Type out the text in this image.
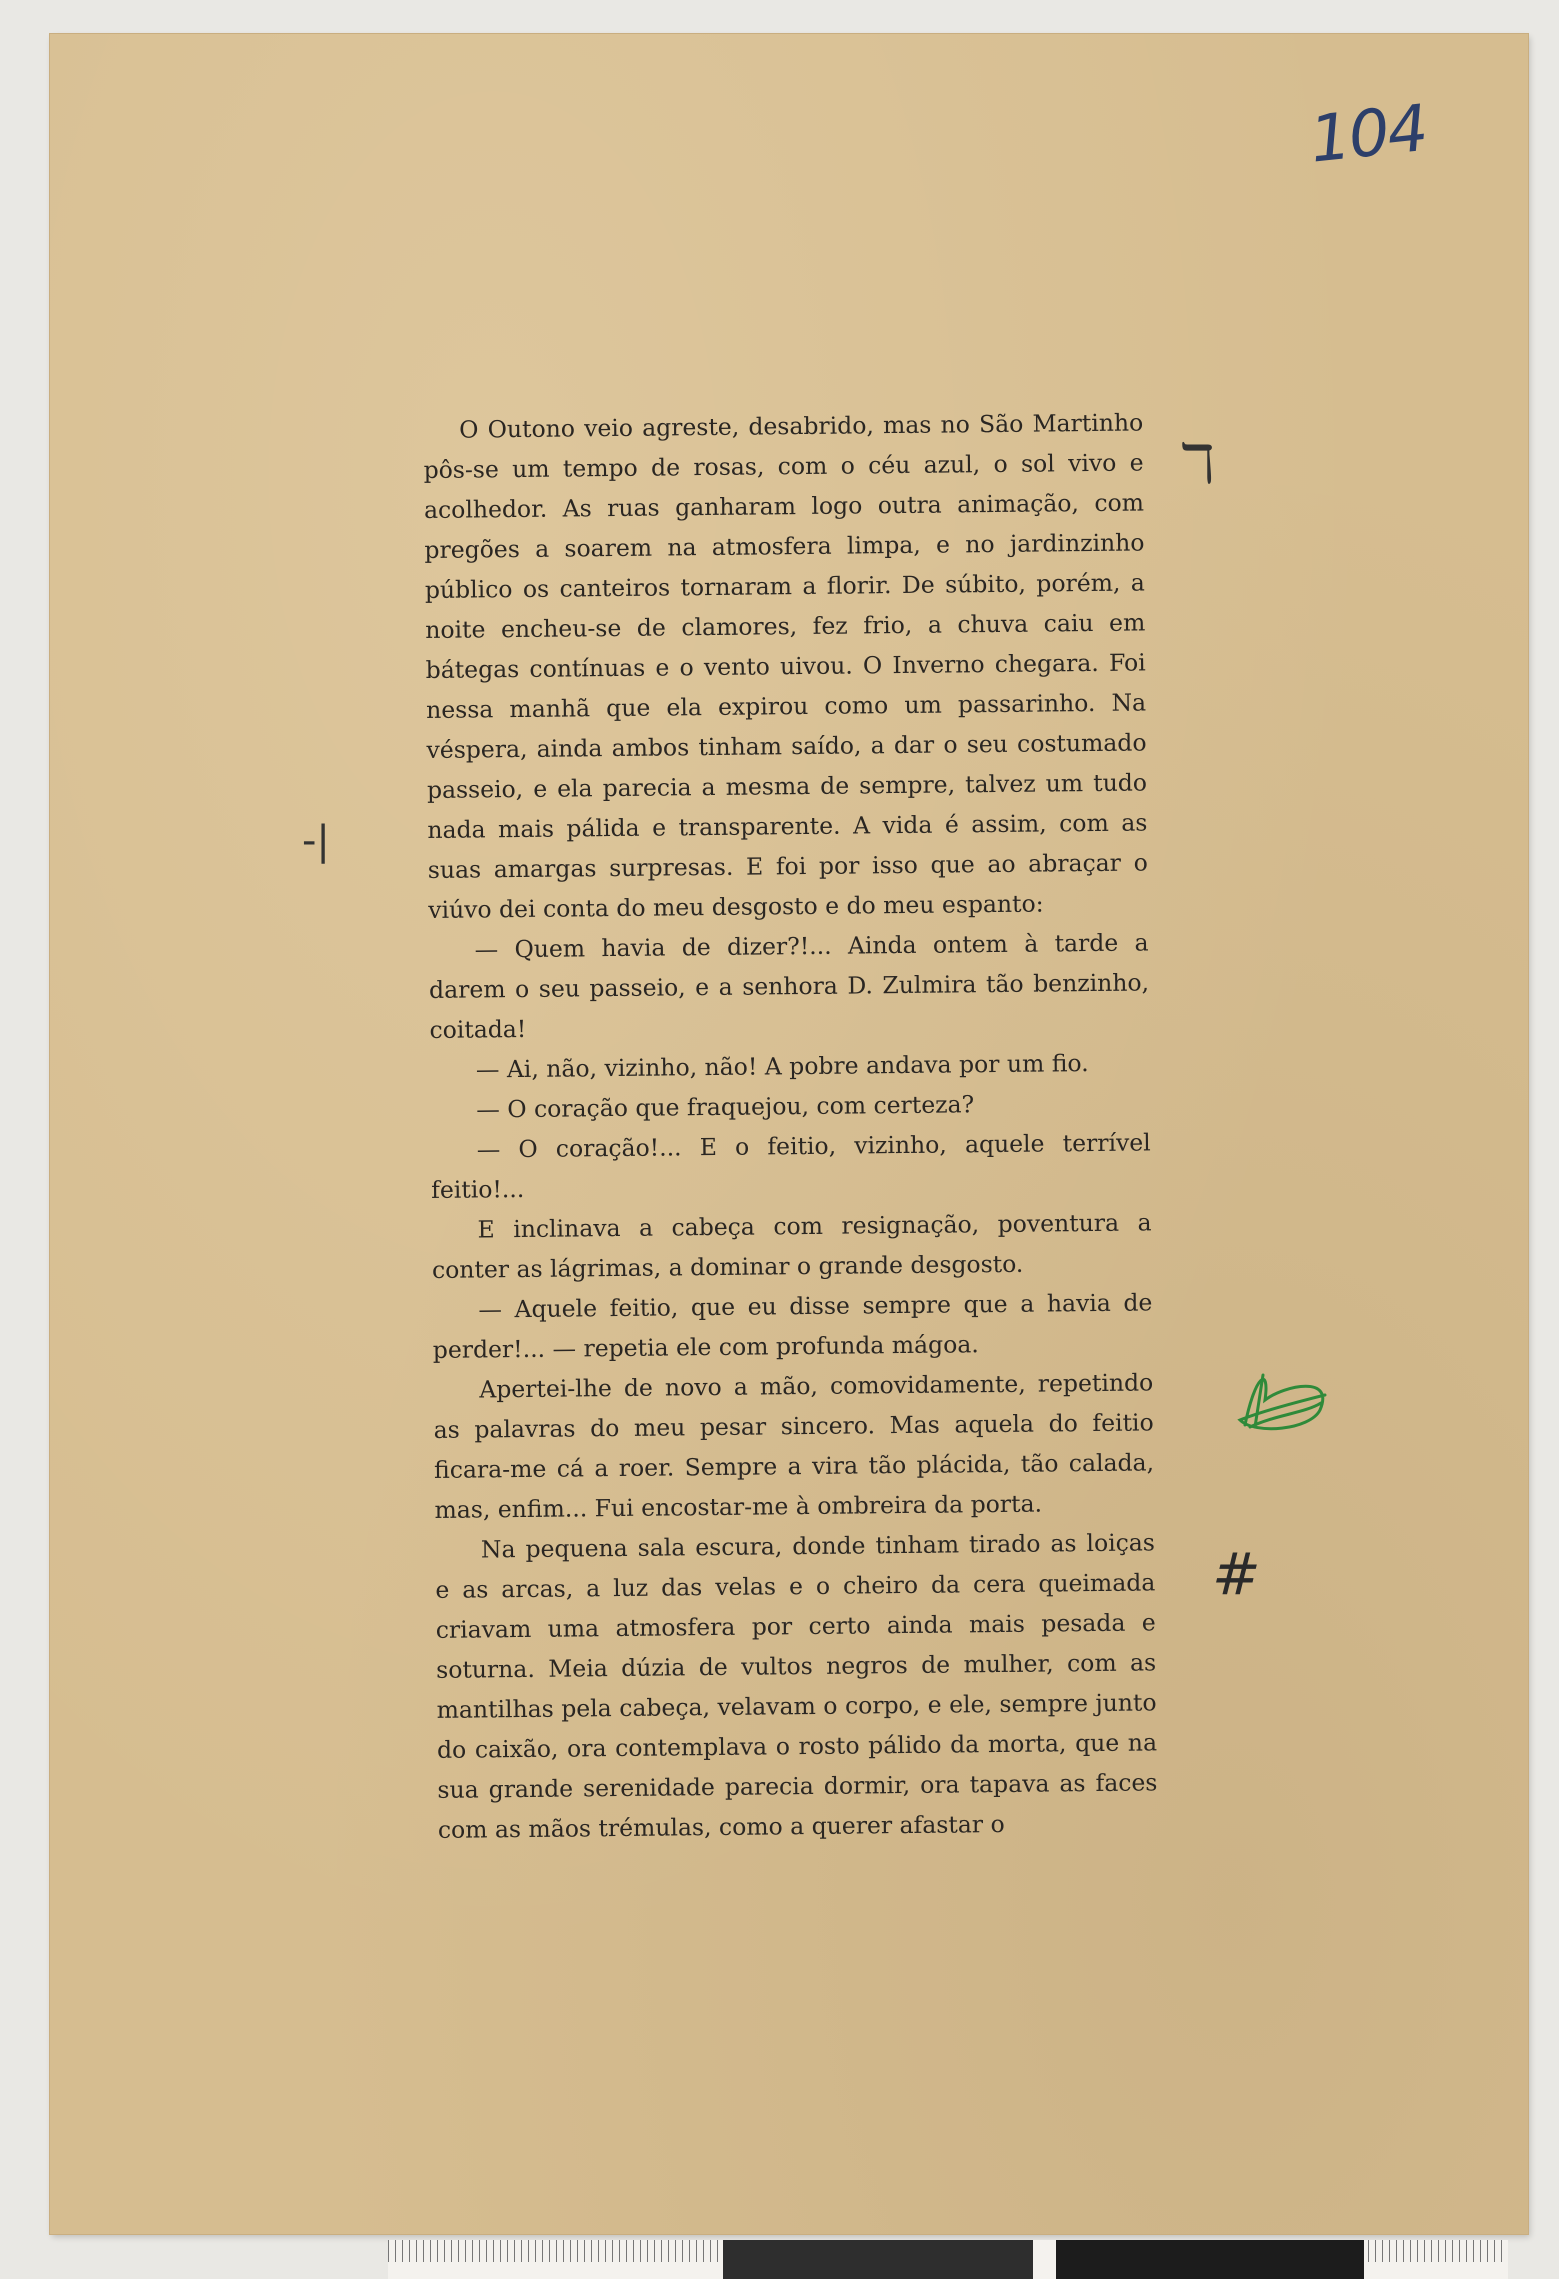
104
ℸ
-|
#

O Outono veio agreste, desabrido, mas no São Martinho pôs-se um tempo de rosas, com o céu azul, o sol vivo e acolhedor. As ruas ganharam logo outra animação, com pregões a soarem na atmosfera limpa, e no jardinzinho público os canteiros tornaram a florir. De súbito, porém, a noite encheu-se de clamores, fez frio, a chuva caiu em bátegas contínuas e o vento uivou. O Inverno chegara. Foi nessa manhã que ela expirou como um passarinho. Na véspera, ainda ambos tinham saído, a dar o seu costumado passeio, e ela parecia a mesma de sempre, talvez um tudo nada mais pálida e transparente. A vida é assim, com as suas amargas surpresas. E foi por isso que ao abraçar o viúvo dei conta do meu desgosto e do meu espanto:

— Quem havia de dizer?!... Ainda ontem à tarde a darem o seu passeio, e a senhora D. Zulmira tão benzinho, coitada!

— Ai, não, vizinho, não! A pobre andava por um fio.

— O coração que fraquejou, com certeza?

— O coração!... E o feitio, vizinho, aquele terrível feitio!...

E inclinava a cabeça com resignação, poventura a conter as lágrimas, a dominar o grande desgosto.

— Aquele feitio, que eu disse sempre que a havia de perder!... — repetia ele com profunda mágoa.

Apertei-lhe de novo a mão, comovidamente, repetindo as palavras do meu pesar sincero. Mas aquela do feitio ficara-me cá a roer. Sempre a vira tão plácida, tão calada, mas, enfim... Fui encostar-me à ombreira da porta.

Na pequena sala escura, donde tinham tirado as loiças e as arcas, a luz das velas e o cheiro da cera queimada criavam uma atmosfera por certo ainda mais pesada e soturna. Meia dúzia de vultos negros de mulher, com as mantilhas pela cabeça, velavam o corpo, e ele, sempre junto do caixão, ora contemplava o rosto pálido da morta, que na sua grande serenidade parecia dormir, ora tapava as faces com as mãos trémulas, como a querer afastar o
